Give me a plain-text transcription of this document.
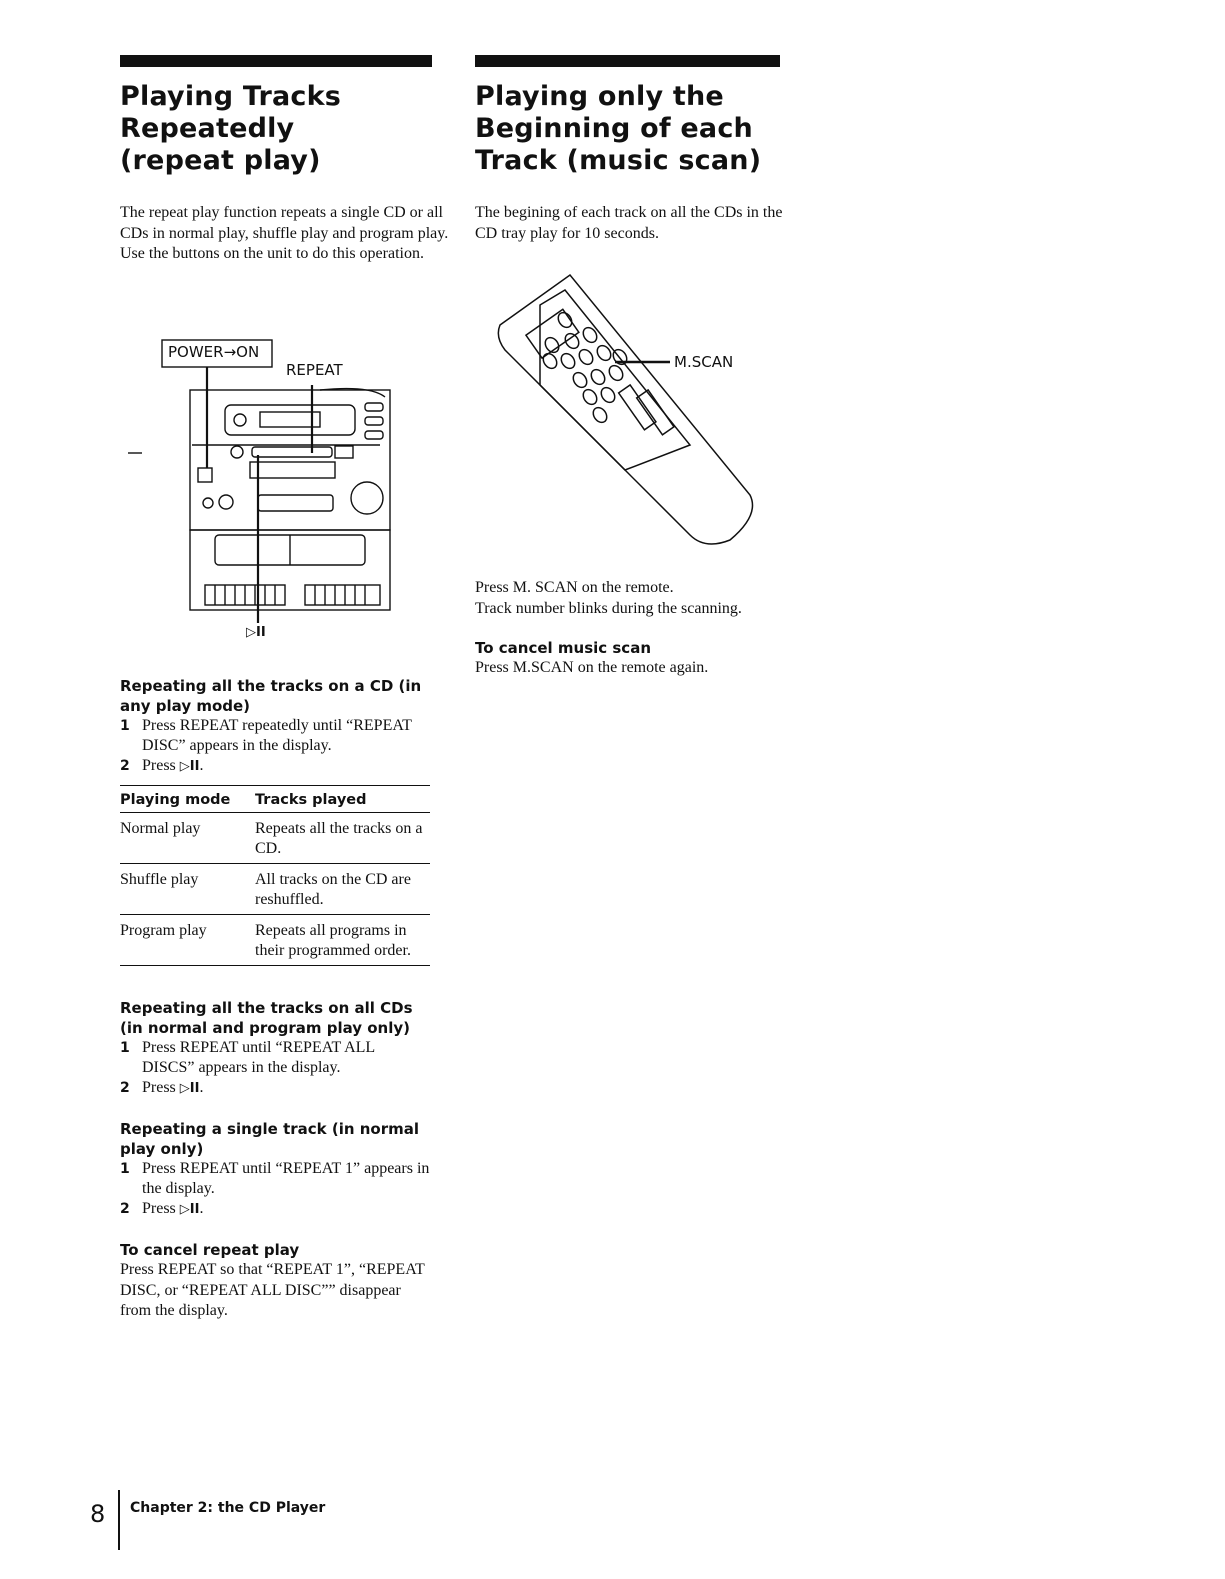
Playing Tracks
Repeatedly
(repeat play)

The repeat play function repeats a single CD or all CDs in normal play, shuffle play and program play.

Use the buttons on the unit to do this operation.

POWER→ON
REPEAT
▷II
Repeating all the tracks on a CD (in any play mode)
1 Press REPEAT repeatedly until “REPEAT DISC” appears in the display.
2 Press ▷II.
Playing mode	Tracks played
Normal play	Repeats all the tracks on a CD.
Shuffle play	All tracks on the CD are reshuffled.
Program play	Repeats all programs in their programmed order.
Repeating all the tracks on all CDs (in normal and program play only)
1 Press REPEAT until “REPEAT ALL DISCS” appears in the display.
2 Press ▷II.
Repeating a single track (in normal play only)
1 Press REPEAT until “REPEAT 1” appears in the display.
2 Press ▷II.
To cancel repeat play

Press REPEAT so that “REPEAT 1”, “REPEAT DISC, or “REPEAT ALL DISC”” disappear from the display.

Playing only the
Beginning of each
Track (music scan)

The begining of each track on all the CDs in the CD tray play for 10 seconds.

M.SCAN

Press M. SCAN on the remote.

Track number blinks during the scanning.

To cancel music scan

Press M.SCAN on the remote again.

8 Chapter 2: the CD Player
